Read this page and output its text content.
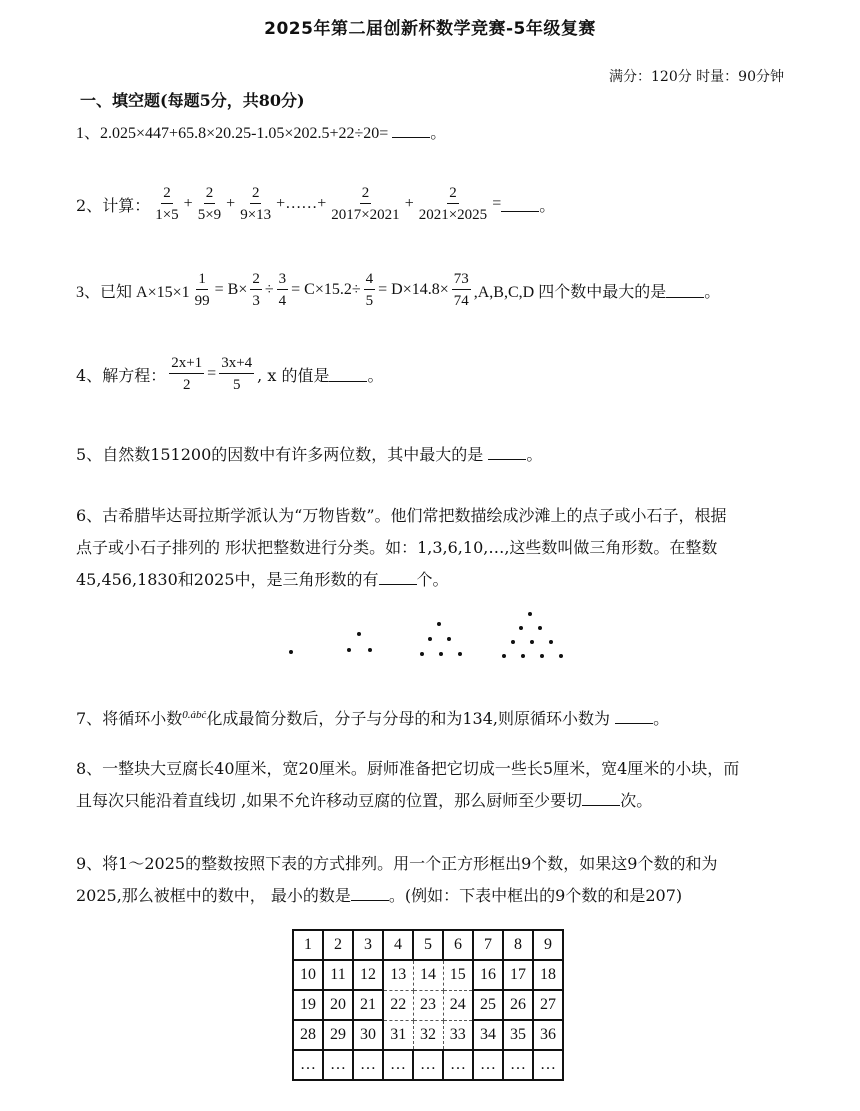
2025年第二届创新杯数学竞赛-5年级复赛
满分：120分 时量：90分钟
一、填空题(每题5分，共80分)
1、2.025×447+65.8×20.25-1.05×202.5+22÷20=	。
2、 计算： $\frac{2}{1\times 5} + \frac{2}{5\times 9} + \frac{2}{9\times 13}$ +……+ $\frac{2}{2017\times 2021} + \frac{2}{2021\times 2025}$ = 。
3、 已知 $A\times 15\times 1 \frac{1}{99} = B\times \frac{2}{3} \div \frac{3}{4} = C\times 15.2\div \frac{4}{5} = D\times 14.8\times \frac{73}{74} ,A,B,C,D$ 四个数中最大的是 。
4、 解方程： $\frac{2x+1}{2} = \frac{3x+4}{5}$ , x 的值是 。
5、自然数151200的因数中有许多两位数，其中最大的是	。
6、古希腊毕达哥拉斯学派认为“万物皆数”。他们常把数描绘成沙滩上的点子或小石子，根据
点子或小石子排列的 形状把整数进行分类。如：1,3,6,10,…,这些数叫做三角形数。在整数
45,456,1830和2025中，是三角形数的有 个。
7、将循环小数$^{0.ȧbċ}$化成最简分数后，分子与分母的和为134,则原循环小数为	。
8、一整块大豆腐长40厘米，宽20厘米。厨师准备把它切成一些长5厘米，宽4厘米的小块，而
且每次只能沿着直线切 ,如果不允许移动豆腐的位置，那么厨师至少要切 次。
9、将1～2025的整数按照下表的方式排列。用一个正方形框出9个数，如果这9个数的和为
2025,那么被框中的数中， 最小的数是 。(例如：下表中框出的9个数的和是207)
1	2	3	4	5	6	7	8	9
10	11	12	13	14	15	16	17	18
19	20	21	22	23	24	25	26	27
28	29	30	31	32	33	34	35	36
…	…	…	…	…	…	…	…	…
